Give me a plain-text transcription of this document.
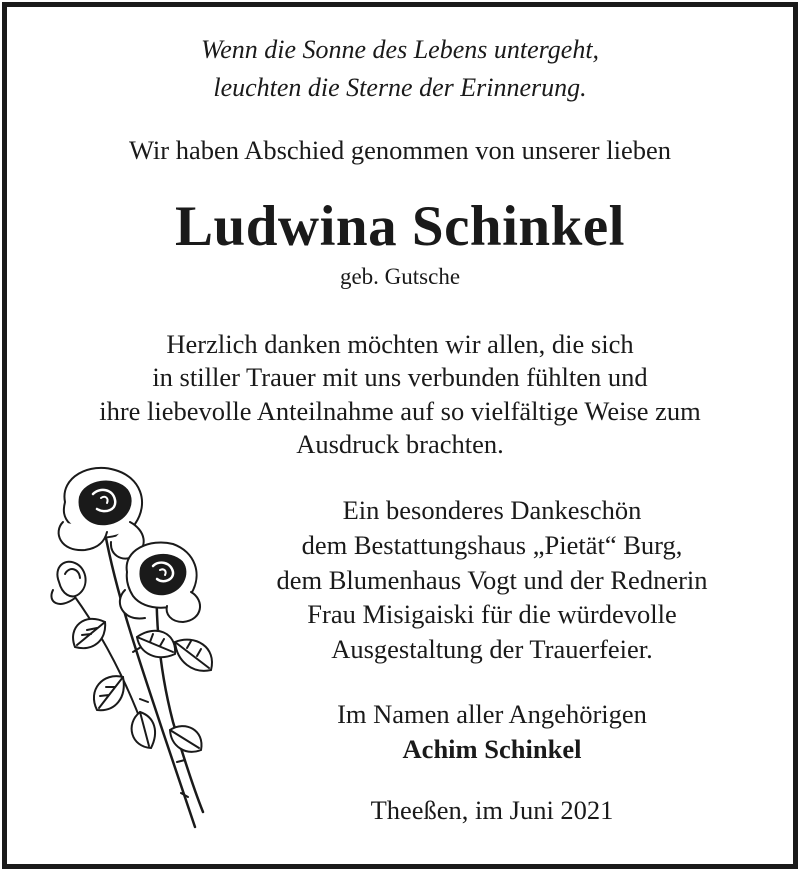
Wenn die Sonne des Lebens untergeht,
leuchten die Sterne der Erinnerung.
Wir haben Abschied genommen von unserer lieben
Ludwina Schinkel
geb. Gutsche
Herzlich danken möchten wir allen, die sich
in stiller Trauer mit uns verbunden fühlten und
ihre liebevolle Anteilnahme auf so vielfältige Weise zum
Ausdruck brachten.
Ein besonderes Dankeschön
dem Bestattungshaus „Pietät“ Burg,
dem Blumenhaus Vogt und der Rednerin
Frau Misigaiski für die würdevolle
Ausgestaltung der Trauerfeier.
Im Namen aller Angehörigen
Achim Schinkel
Theeßen, im Juni 2021
